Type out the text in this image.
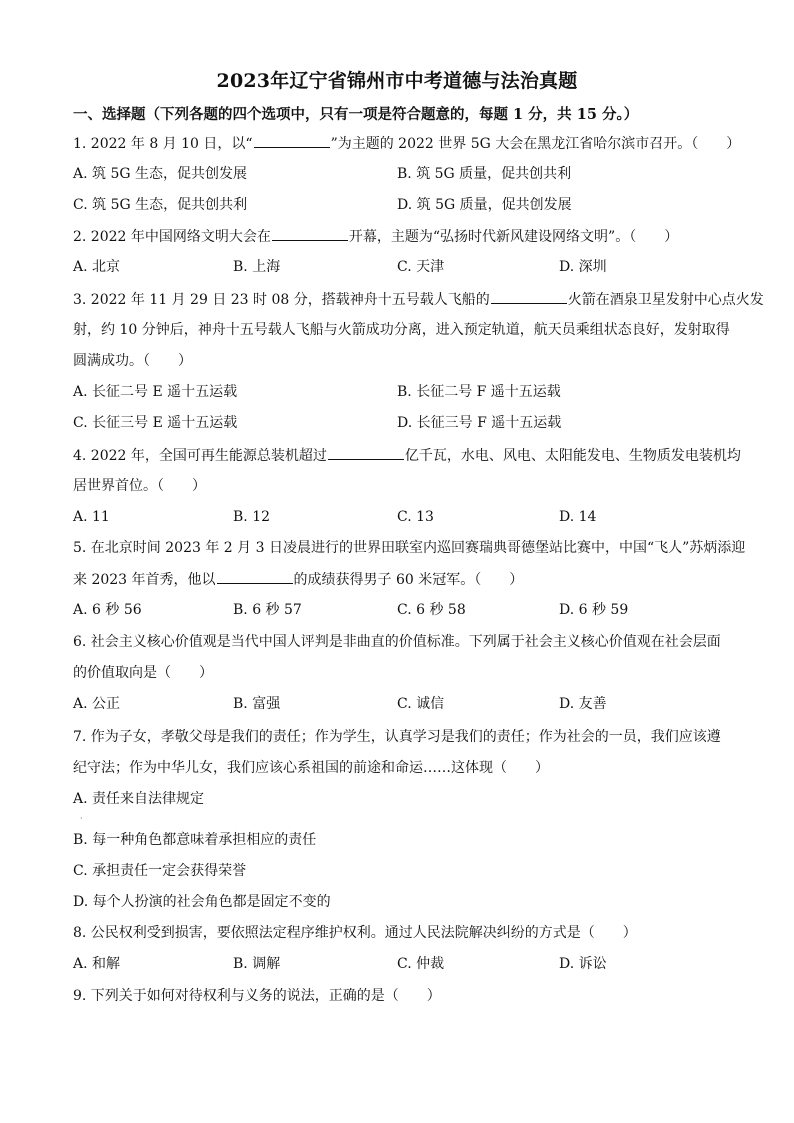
2023年辽宁省锦州市中考道德与法治真题
一、选择题（下列各题的四个选项中，只有一项是符合题意的，每题 1 分，共 15 分。）
1. 2022 年 8 月 10 日，以“	”为主题的 2022 世界 5G 大会在黑龙江省哈尔滨市召开。（　　）
A. 筑 5G 生态，促共创发展	B. 筑 5G 质量，促共创共利
C. 筑 5G 生态，促共创共利	D. 筑 5G 质量，促共创发展
2. 2022 年中国网络文明大会在	开幕，主题为“弘扬时代新风建设网络文明”。（　　）
A. 北京	B. 上海	C. 天津	D. 深圳
3. 2022 年 11 月 29 日 23 时 08 分，搭载神舟十五号载人飞船的	火箭在酒泉卫星发射中心点火发
射，约 10 分钟后，神舟十五号载人飞船与火箭成功分离，进入预定轨道，航天员乘组状态良好，发射取得
圆满成功。（　　）
A. 长征二号 E 遥十五运载	B. 长征二号 F 遥十五运载
C. 长征三号 E 遥十五运载	D. 长征三号 F 遥十五运载
4. 2022 年，全国可再生能源总装机超过	亿千瓦，水电、风电、太阳能发电、生物质发电装机均
居世界首位。（　　）
A. 11	B. 12	C. 13	D. 14
5. 在北京时间 2023 年 2 月 3 日凌晨进行的世界田联室内巡回赛瑞典哥德堡站比赛中，中国“飞人”苏炳添迎
来 2023 年首秀，他以	的成绩获得男子 60 米冠军。（　　）
A. 6 秒 56	B. 6 秒 57	C. 6 秒 58	D. 6 秒 59
6. 社会主义核心价值观是当代中国人评判是非曲直的价值标准。下列属于社会主义核心价值观在社会层面
的价值取向是（　　）
A. 公正	B. 富强	C. 诚信	D. 友善
7. 作为子女，孝敬父母是我们的责任；作为学生，认真学习是我们的责任；作为社会的一员，我们应该遵
纪守法；作为中华儿女，我们应该心系祖国的前途和命运……这体现（　　）
A. 责任来自法律规定
·
B. 每一种角色都意味着承担相应的责任
C. 承担责任一定会获得荣誉
D. 每个人扮演的社会角色都是固定不变的
8. 公民权利受到损害，要依照法定程序维护权利。通过人民法院解决纠纷的方式是（　　）
A. 和解	B. 调解	C. 仲裁	D. 诉讼
9. 下列关于如何对待权利与义务的说法，正确的是（　　）
